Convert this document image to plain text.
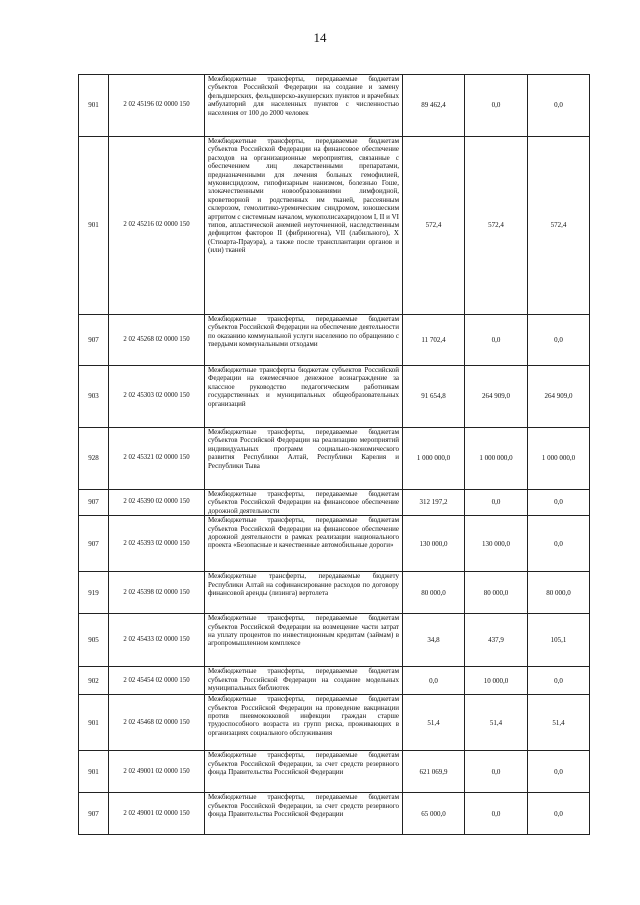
14
901	2 02 45196 02 0000 150	Межбюджетные трансферты, передаваемые бюджетам субъектов Российской Федерации на создание и замену фельдшерских, фельдшерско-акушерских пунктов и врачебных амбулаторий для населенных пунктов с численностью населения от 100 до 2000 человек	89 462,4	0,0	0,0
901	2 02 45216 02 0000 150	Межбюджетные трансферты, передаваемые бюджетам субъектов Российской Федерации на финансовое обеспечение расходов на организационные мероприятия, связанные с обеспечением лиц лекарственными препаратами, предназначенными для лечения больных гемофилией, муковисцидозом, гипофизарным нанизмом, болезнью Гоше, злокачественными новообразованиями лимфоидной, кроветворной и родственных им тканей, рассеянным склерозом, гемолитико-уремическим синдромом, юношеским артритом с системным началом, мукополисахаридозом I, II и VI типов, апластической анемией неуточненной, наследственным дефицитом факторов II (фибриногена), VII (лабильного), X (Стюарта-Прауэра), а также после трансплантации органов и (или) тканей	572,4	572,4	572,4
907	2 02 45268 02 0000 150	Межбюджетные трансферты, передаваемые бюджетам субъектов Российской Федерации на обеспечение деятельности по оказанию коммунальной услуги населению по обращению с твердыми коммунальными отходами	11 702,4	0,0	0,0
903	2 02 45303 02 0000 150	Межбюджетные трансферты бюджетам субъектов Российской Федерации на ежемесячное денежное вознаграждение за классное руководство педагогическим работникам государственных и муниципальных общеобразовательных организаций	91 654,8	264 909,0	264 909,0
928	2 02 45321 02 0000 150	Межбюджетные трансферты, передаваемые бюджетам субъектов Российской Федерации на реализацию мероприятий индивидуальных программ социально-экономического развития Республики Алтай, Республики Карелия и Республики Тыва	1 000 000,0	1 000 000,0	1 000 000,0
907	2 02 45390 02 0000 150	Межбюджетные трансферты, передаваемые бюджетам субъектов Российской Федерации на финансовое обеспечение дорожной деятельности	312 197,2	0,0	0,0
907	2 02 45393 02 0000 150	Межбюджетные трансферты, передаваемые бюджетам субъектов Российской Федерации на финансовое обеспечение дорожной деятельности в рамках реализации национального проекта «Безопасные и качественные автомобильные дороги»	130 000,0	130 000,0	0,0
919	2 02 45398 02 0000 150	Межбюджетные трансферты, передаваемые бюджету Республики Алтай на софинансирование расходов по договору финансовой аренды (лизинга) вертолета	80 000,0	80 000,0	80 000,0
905	2 02 45433 02 0000 150	Межбюджетные трансферты, передаваемые бюджетам субъектов Российской Федерации на возмещение части затрат на уплату процентов по инвестиционным кредитам (займам) в агропромышленном комплексе	34,8	437,9	105,1
902	2 02 45454 02 0000 150	Межбюджетные трансферты, передаваемые бюджетам субъектов Российской Федерации на создание модельных муниципальных библиотек	0,0	10 000,0	0,0
901	2 02 45468 02 0000 150	Межбюджетные трансферты, передаваемые бюджетам субъектов Российской Федерации на проведение вакцинации против пневмококковой инфекции граждан старше трудоспособного возраста из групп риска, проживающих в организациях социального обслуживания	51,4	51,4	51,4
901	2 02 49001 02 0000 150	Межбюджетные трансферты, передаваемые бюджетам субъектов Российской Федерации, за счет средств резервного фонда Правительства Российской Федерации	621 069,9	0,0	0,0
907	2 02 49001 02 0000 150	Межбюджетные трансферты, передаваемые бюджетам субъектов Российской Федерации, за счет средств резервного фонда Правительства Российской Федерации	65 000,0	0,0	0,0
